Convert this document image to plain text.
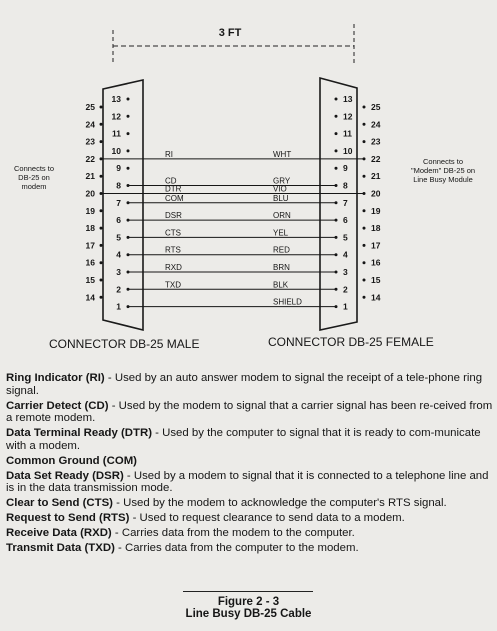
3 FT
Connects to
DB-25 on
modem
Connects to
"Modem" DB-25 on
Line Busy Module
13
12
11
10
9
8
7
6
5
4
3
2
1
25
24
23
22
21
20
19
18
17
16
15
14
13
12
11
10
9
8
7
6
5
4
3
2
1
25
24
23
22
21
20
19
18
17
16
15
14
RI	WHT
CD	GRY
DTR	VIO
COM	BLU
DSR	ORN
CTS	YEL
RTS	RED
RXD	BRN
TXD	BLK
SHIELD
CONNECTOR DB-25 MALE	CONNECTOR DB-25 FEMALE
Ring Indicator (RI) - Used by an auto answer modem to signal the receipt of a tele-phone ring signal.
Carrier Detect (CD) - Used by the modem to signal that a carrier signal has been re-ceived from a remote modem.
Data Terminal Ready (DTR) - Used by the computer to signal that it is ready to com-municate with a modem.
Common Ground (COM)
Data Set Ready (DSR) - Used by a modem to signal that it is connected to a telephone line and is in the data transmission mode.
Clear to Send (CTS) - Used by the modem to acknowledge the computer's RTS signal.
Request to Send (RTS) - Used to request clearance to send data to a modem.
Receive Data (RXD) - Carries data from the modem to the computer.
Transmit Data (TXD) - Carries data from the computer to the modem.
Figure 2 - 3
Line Busy DB-25 Cable
